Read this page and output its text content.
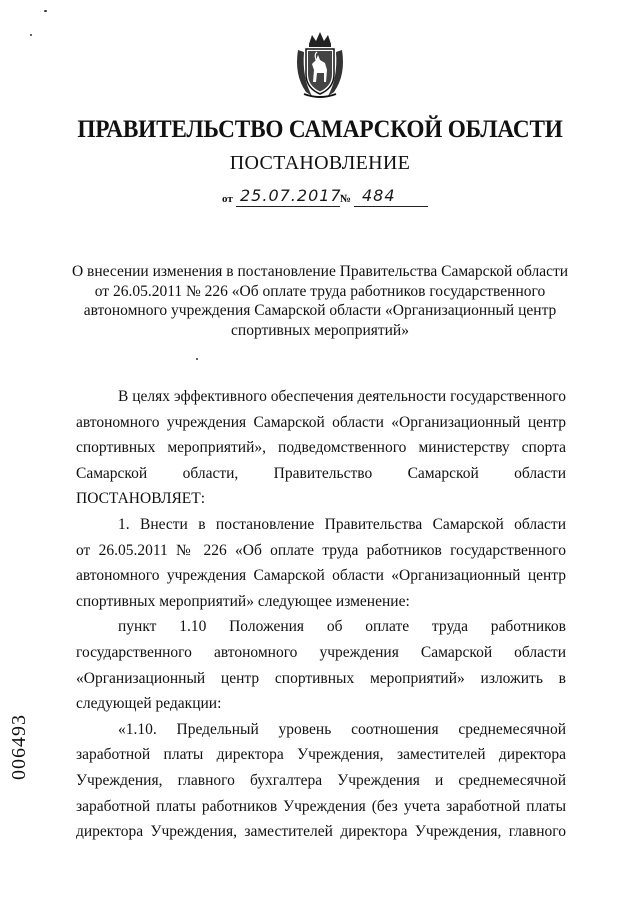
ПРАВИТЕЛЬСТВО САМАРСКОЙ ОБЛАСТИ
ПОСТАНОВЛЕНИЕ
от 25.07.2017
№ 484
О внесении изменения в постановление Правительства Самарской области
от 26.05.2011 № 226 «Об оплате труда работников государственного
автономного учреждения Самарской области «Организационный центр
спортивных мероприятий»

В целях эффективного обеспечения деятельности государственного

автономного учреждения Самарской области «Организационный центр

спортивных мероприятий», подведомственного министерству спорта

Самарской области, Правительство Самарской области ПОСТАНОВЛЯЕТ:

1. Внести в постановление Правительства Самарской области

от 26.05.2011 № 226 «Об оплате труда работников государственного

автономного учреждения Самарской области «Организационный центр

спортивных мероприятий» следующее изменение:

пункт 1.10 Положения об оплате труда работников

государственного автономного учреждения Самарской области

«Организационный центр спортивных мероприятий» изложить в

следующей редакции:

«1.10. Предельный уровень соотношения среднемесячной

заработной платы директора Учреждения, заместителей директора

Учреждения, главного бухгалтера Учреждения и среднемесячной

заработной платы работников Учреждения (без учета заработной платы

директора Учреждения, заместителей директора Учреждения, главного

006493
